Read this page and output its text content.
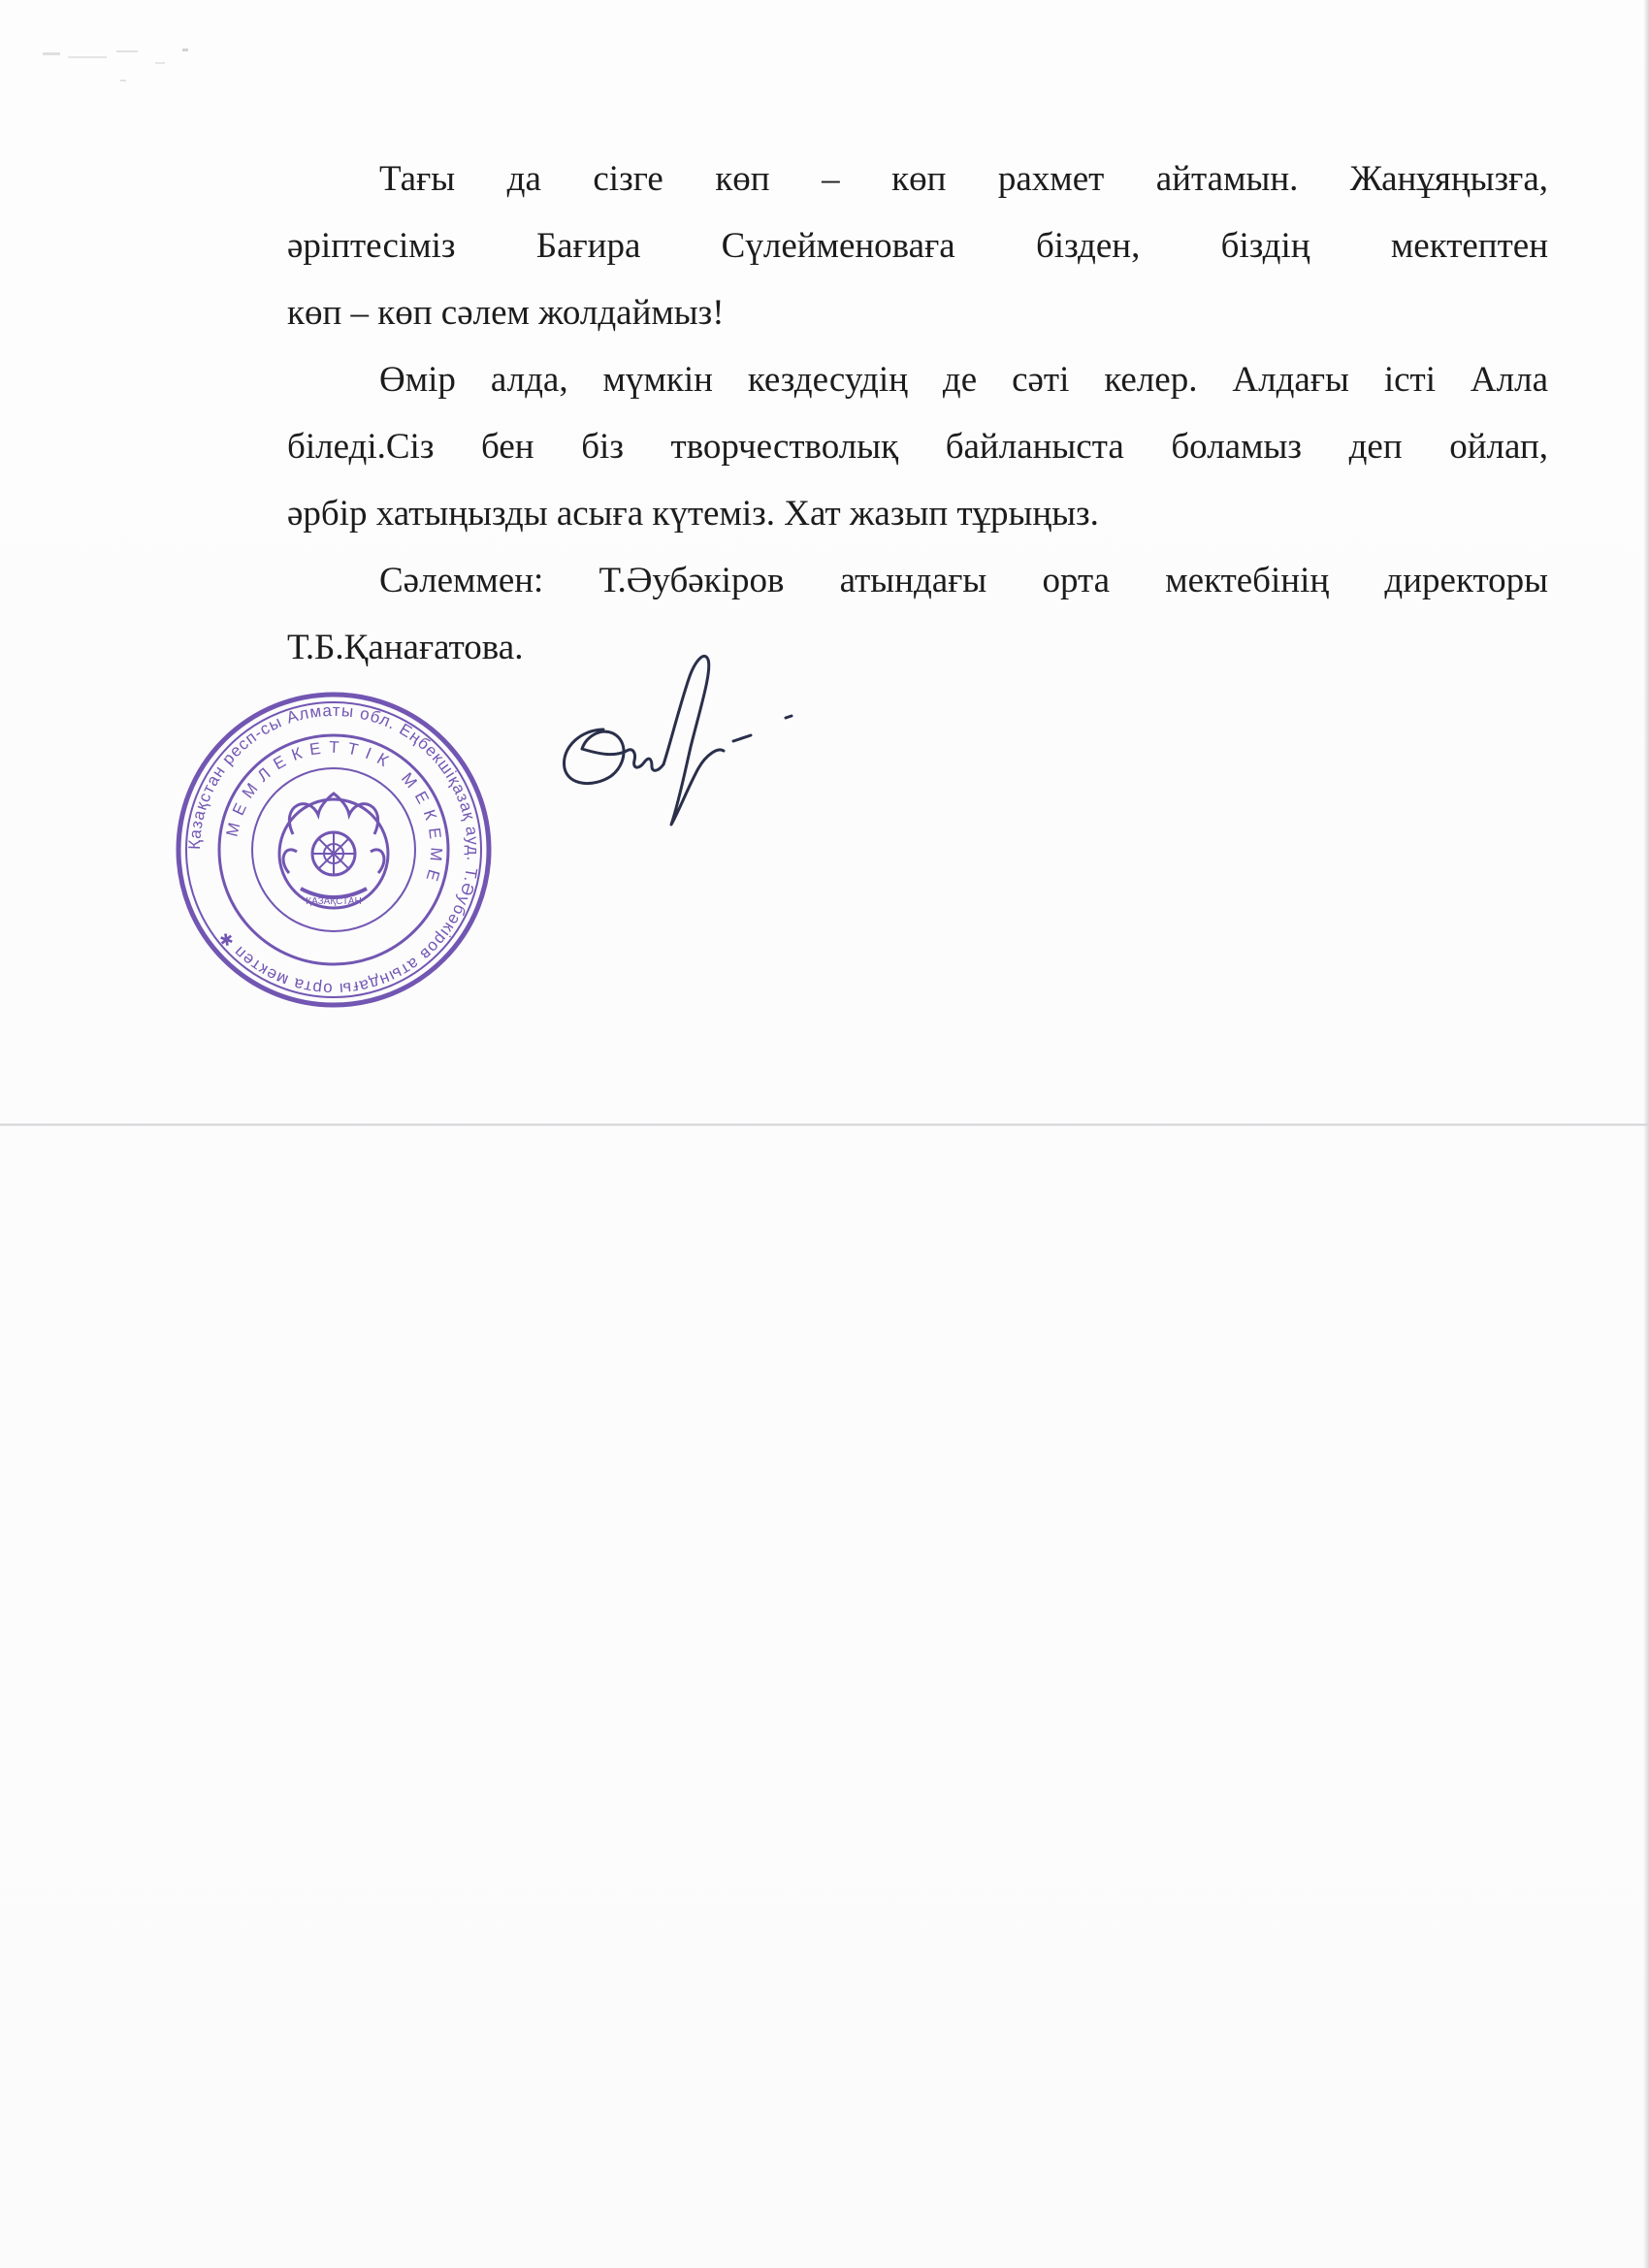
Тағы да сізге көп – көп рахмет айтамын. Жанұяңызға,

әріптесіміз Бағира Сүлейменоваға бізден, біздің мектептен

көп – көп сәлем жолдаймыз!

Өмір алда, мүмкін кездесудің де сәті келер. Алдағы істі Алла

біледі.Сіз бен біз творчестволық байланыста боламыз деп ойлап,

әрбір хатыңызды асыға күтеміз. Хат жазып тұрыңыз.

Сәлеммен: Т.Әубәкіров атындағы орта мектебінің директоры

Т.Б.Қанағатова.

Қазақстан респ-сы Алматы обл. Еңбекшіқазақ ауд. Т.Әубәкіров атындағы орта мектеп ✱
МЕМЛЕКЕТТІК МЕКЕМЕ
ҚАЗАҚСТАН
